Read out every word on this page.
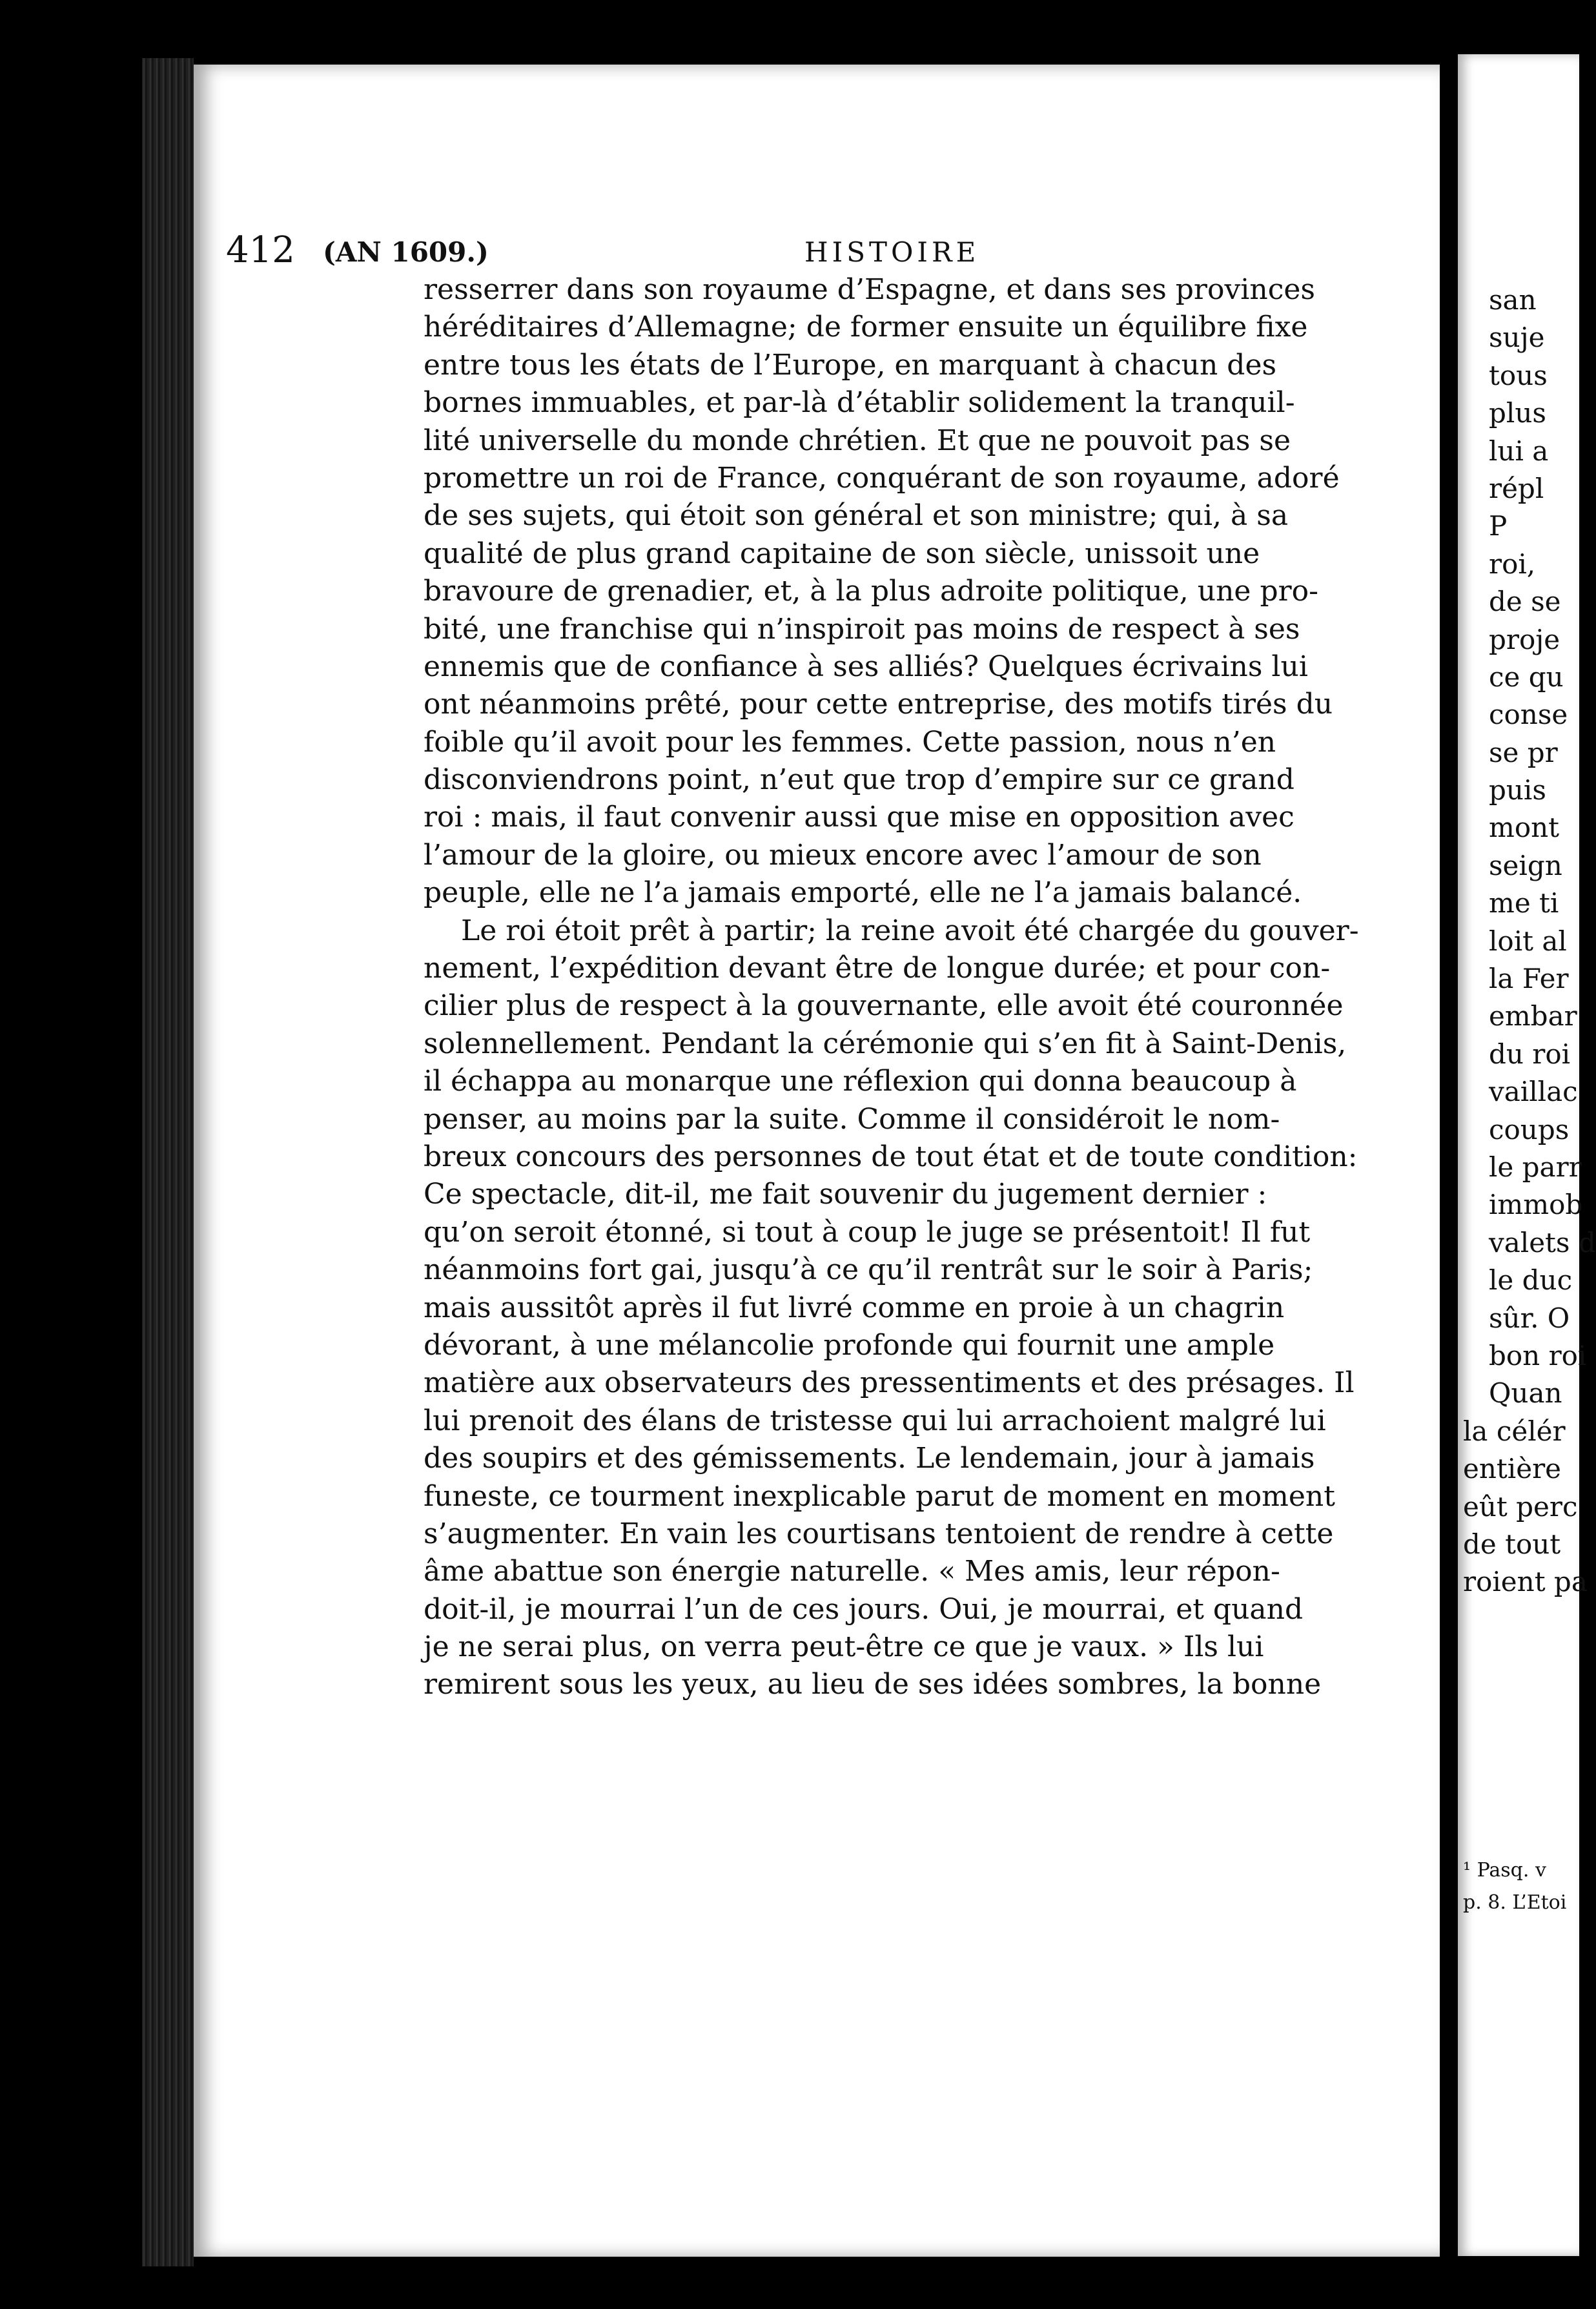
san
suje
tous
plus
lui a
répl
P
roi,
de se
proje
ce qu
conse
se pr
puis
mont
seign
me ti
loit al
la Fer
embar
du roi
vaillac
coups
le parr
immob
valets d
le duc
sûr. O
bon roi
Quan
la célér
entière
eût perc
de tout
roient pa
¹ Pasq. v
p. 8. L’Etoi
412 (AN 1609.)	HISTOIRE
resserrer dans son royaume d’Espagne, et dans ses provinces
héréditaires d’Allemagne; de former ensuite un équilibre fixe
entre tous les états de l’Europe, en marquant à chacun des
bornes immuables, et par-là d’établir solidement la tranquil-
lité universelle du monde chrétien. Et que ne pouvoit pas se
promettre un roi de France, conquérant de son royaume, adoré
de ses sujets, qui étoit son général et son ministre; qui, à sa
qualité de plus grand capitaine de son siècle, unissoit une
bravoure de grenadier, et, à la plus adroite politique, une pro-
bité, une franchise qui n’inspiroit pas moins de respect à ses
ennemis que de confiance à ses alliés? Quelques écrivains lui
ont néanmoins prêté, pour cette entreprise, des motifs tirés du
foible qu’il avoit pour les femmes. Cette passion, nous n’en
disconviendrons point, n’eut que trop d’empire sur ce grand
roi : mais, il faut convenir aussi que mise en opposition avec
l’amour de la gloire, ou mieux encore avec l’amour de son
peuple, elle ne l’a jamais emporté, elle ne l’a jamais balancé.
Le roi étoit prêt à partir; la reine avoit été chargée du gouver-
nement, l’expédition devant être de longue durée; et pour con-
cilier plus de respect à la gouvernante, elle avoit été couronnée
solennellement. Pendant la cérémonie qui s’en fit à Saint-Denis,
il échappa au monarque une réflexion qui donna beaucoup à
penser, au moins par la suite. Comme il considéroit le nom-
breux concours des personnes de tout état et de toute condition:
Ce spectacle, dit-il, me fait souvenir du jugement dernier :
qu’on seroit étonné, si tout à coup le juge se présentoit! Il fut
néanmoins fort gai, jusqu’à ce qu’il rentrât sur le soir à Paris;
mais aussitôt après il fut livré comme en proie à un chagrin
dévorant, à une mélancolie profonde qui fournit une ample
matière aux observateurs des pressentiments et des présages. Il
lui prenoit des élans de tristesse qui lui arrachoient malgré lui
des soupirs et des gémissements. Le lendemain, jour à jamais
funeste, ce tourment inexplicable parut de moment en moment
s’augmenter. En vain les courtisans tentoient de rendre à cette
âme abattue son énergie naturelle. « Mes amis, leur répon-
doit-il, je mourrai l’un de ces jours. Oui, je mourrai, et quand
je ne serai plus, on verra peut-être ce que je vaux. » Ils lui
remirent sous les yeux, au lieu de ses idées sombres, la bonne
